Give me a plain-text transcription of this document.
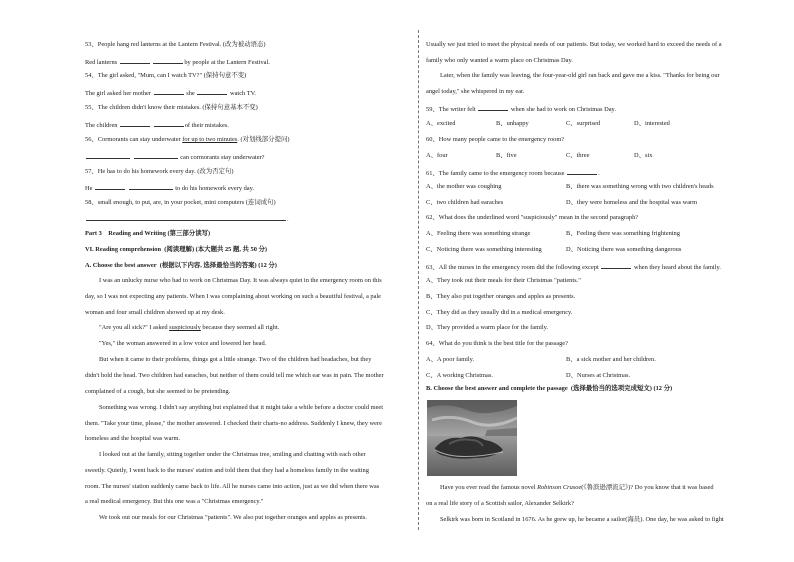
53、People hang red lanterns at the Lantern Festival. (改为被动语态)
Red lanterns	by people at the Lantern Festival.
54、The girl asked, "Mum, can I watch TV?" (保持句意不变)
The girl asked her mother	she	watch TV.
55、The children didn't know their mistakes. (保持句意基本不变)
The children	of their mistakes.
56、Cormorants can stay underwater for up to two minutes. (对划线部分提问)
can cormorants stay underwater?
57、He has to do his homework every day. (改为否定句)
He	to do his homework every day.
58、small enough, to put, are, in your pocket, mini computers (连词成句)
.
Part 3 Reading and Writing (第三部分读写)
VI. Reading comprehension (阅读理解) (本大题共 25 题, 共 50 分)
A. Choose the best answer (根据以下内容, 选择最恰当的答案) (12 分)
I was an unlucky nurse who had to work on Christmas Day. It was always quiet in the emergency room on this
day, so I was not expecting any patients. When I was complaining about working on such a beautiful festival, a pale
woman and four small children showed up at my desk.
"Are you all sick?" I asked suspiciously because they seemed all right.
"Yes," the woman answered in a low voice and lowered her head.
But when it came to their problems, things got a little strange. Two of the children had headaches, but they
didn't hold the head. Two children had earaches, but neither of them could tell me which ear was in pain. The mother
complained of a cough, but she seemed to be pretending.
Something was wrong. I didn't say anything but explained that it might take a while before a doctor could meet
them. "Take your time, please," the mother answered. I checked their charts-no address. Suddenly I knew, they were
homeless and the hospital was warm.
I looked out at the family, sitting together under the Christmas tree, smiling and chatting with each other
sweetly. Quietly, I went back to the nurses' station and told them that they had a homeless family in the waiting
room. The nurses' station suddenly came back to life. All he nurses came into action, just as we did when there was
a real medical emergency. But this one was a "Christmas emergency."
We took out our meals for our Christmas "patients". We also put together oranges and apples as presents.
Usually we just tried to meet the physical needs of our patients. But today, we worked hard to exceed the needs of a
family who only wanted a warm place on Christmas Day.
Later, when the family was leaving, the four-year-old girl ran back and gave me a kiss. "Thanks for being our
angel today," she whispered in my ear.
59、The writer felt	when she had to work on Christmas Day.
A、excited	B、unhappy	C、surprised	D、interested
60、How many people came to the emergency room?
A、four	B、five	C、three	D、six
61、The family came to the emergency room because	.
A、the mother was coughing	B、there was something wrong with two children's heads
C、two children had earaches	D、they were homeless and the hospital was warm
62、What does the underlined word "suspiciously" mean in the second paragraph?
A、Feeling there was something strange	B、Feeling there was something frightening
C、Noticing there was something interesting	D、Noticing there was something dangerous
63、All the nurses in the emergency room did the following except	when they heard about the family.
A、They took out their meals for their Christmas "patients."
B、They also put together oranges and apples as presents.
C、They did as they usually did in a medical emergency.
D、They provided a warm place for the family.
64、What do you think is the best title for the passage?
A、A poor family.	B、a sick mother and her children.
C、A working Christmas.	D、Nurses at Christmas.
B. Choose the best answer and complete the passage (选择最恰当的选项完成短文) (12 分)
Have you ever read the famous novel Robinson Crusoe(《鲁滨逊漂流记》)? Do you know that it was based
on a real life story of a Scottish sailor, Alexander Selkirk?
Selkirk was born in Scotland in 1676. As he grew up, he became a sailor(海员). One day, he was asked to fight
